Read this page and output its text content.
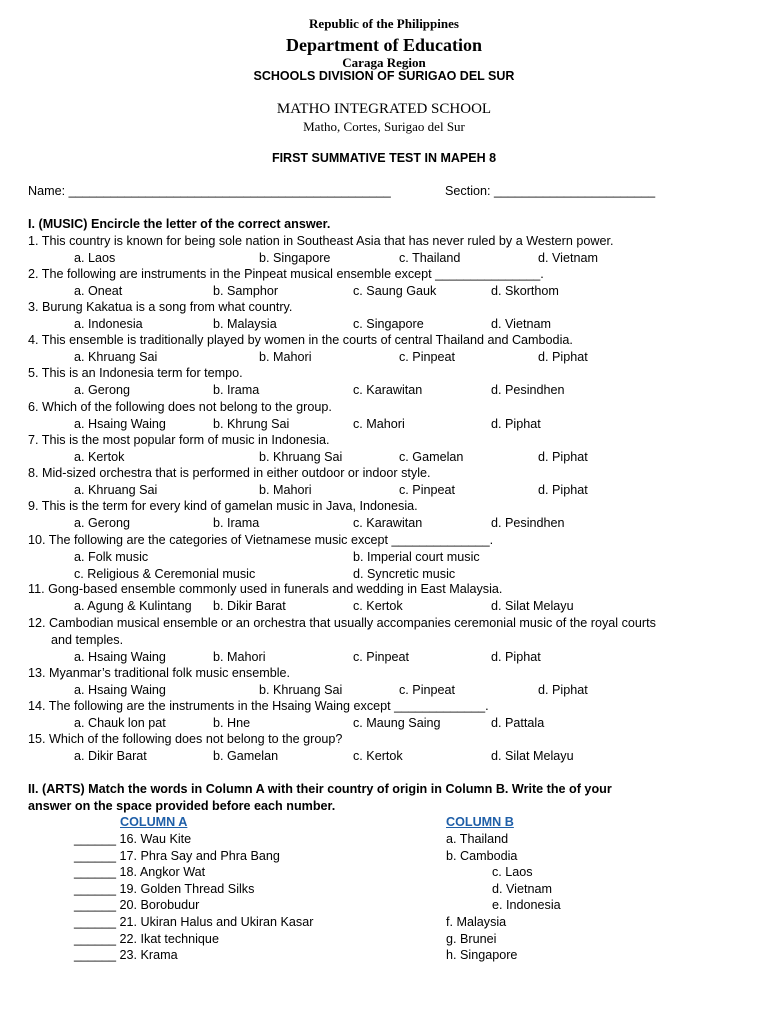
Republic of the Philippines
Department of Education
Caraga Region
SCHOOLS DIVISION OF SURIGAO DEL SUR
MATHO INTEGRATED SCHOOL
Matho, Cortes, Surigao del Sur
FIRST SUMMATIVE TEST IN MAPEH 8
Name: ______________________________________________	Section: _______________________
I. (MUSIC) Encircle the letter of the correct answer.
1. This country is known for being sole nation in Southeast Asia that has never ruled by a Western power.
a. Laos	b. Singapore	c. Thailand	d. Vietnam
2. The following are instruments in the Pinpeat musical ensemble except _______________.
a. Oneat	b. Samphor	c. Saung Gauk	d. Skorthom
3. Burung Kakatua is a song from what country.
a. Indonesia	b. Malaysia	c. Singapore	d. Vietnam
4. This ensemble is traditionally played by women in the courts of central Thailand and Cambodia.
a. Khruang Sai	b. Mahori	c. Pinpeat	d. Piphat
5. This is an Indonesia term for tempo.
a. Gerong	b. Irama	c. Karawitan	d. Pesindhen
6. Which of the following does not belong to the group.
a. Hsaing Waing	b. Khrung Sai	c. Mahori	d. Piphat
7. This is the most popular form of music in Indonesia.
a. Kertok	b. Khruang Sai	c. Gamelan	d. Piphat
8. Mid-sized orchestra that is performed in either outdoor or indoor style.
a. Khruang Sai	b. Mahori	c. Pinpeat	d. Piphat
9. This is the term for every kind of gamelan music in Java, Indonesia.
a. Gerong	b. Irama	c. Karawitan	d. Pesindhen
10. The following are the categories of Vietnamese music except ______________.
a. Folk music	b. Imperial court music
c. Religious & Ceremonial music	d. Syncretic music
11. Gong-based ensemble commonly used in funerals and wedding in East Malaysia.
a. Agung & Kulintang b. Dikir Barat	c. Kertok	d. Silat Melayu
12. Cambodian musical ensemble or an orchestra that usually accompanies ceremonial music of the royal courts
and temples.
a. Hsaing Waing	b. Mahori	c. Pinpeat	d. Piphat
13. Myanmar’s traditional folk music ensemble.
a. Hsaing Waing	b. Khruang Sai	c. Pinpeat	d. Piphat
14. The following are the instruments in the Hsaing Waing except _____________.
a. Chauk lon pat	b. Hne	c. Maung Saing	d. Pattala
15. Which of the following does not belong to the group?
a. Dikir Barat	b. Gamelan	c. Kertok	d. Silat Melayu
II. (ARTS) Match the words in Column A with their country of origin in Column B. Write the of your
answer on the space provided before each number.
COLUMN A	COLUMN B
______ 16. Wau Kite	a. Thailand
______ 17. Phra Say and Phra Bang	b. Cambodia
______ 18. Angkor Wat	c. Laos
______ 19. Golden Thread Silks	d. Vietnam
______ 20. Borobudur	e. Indonesia
______ 21. Ukiran Halus and Ukiran Kasar	f. Malaysia
______ 22. Ikat technique	g. Brunei
______ 23. Krama	h. Singapore
